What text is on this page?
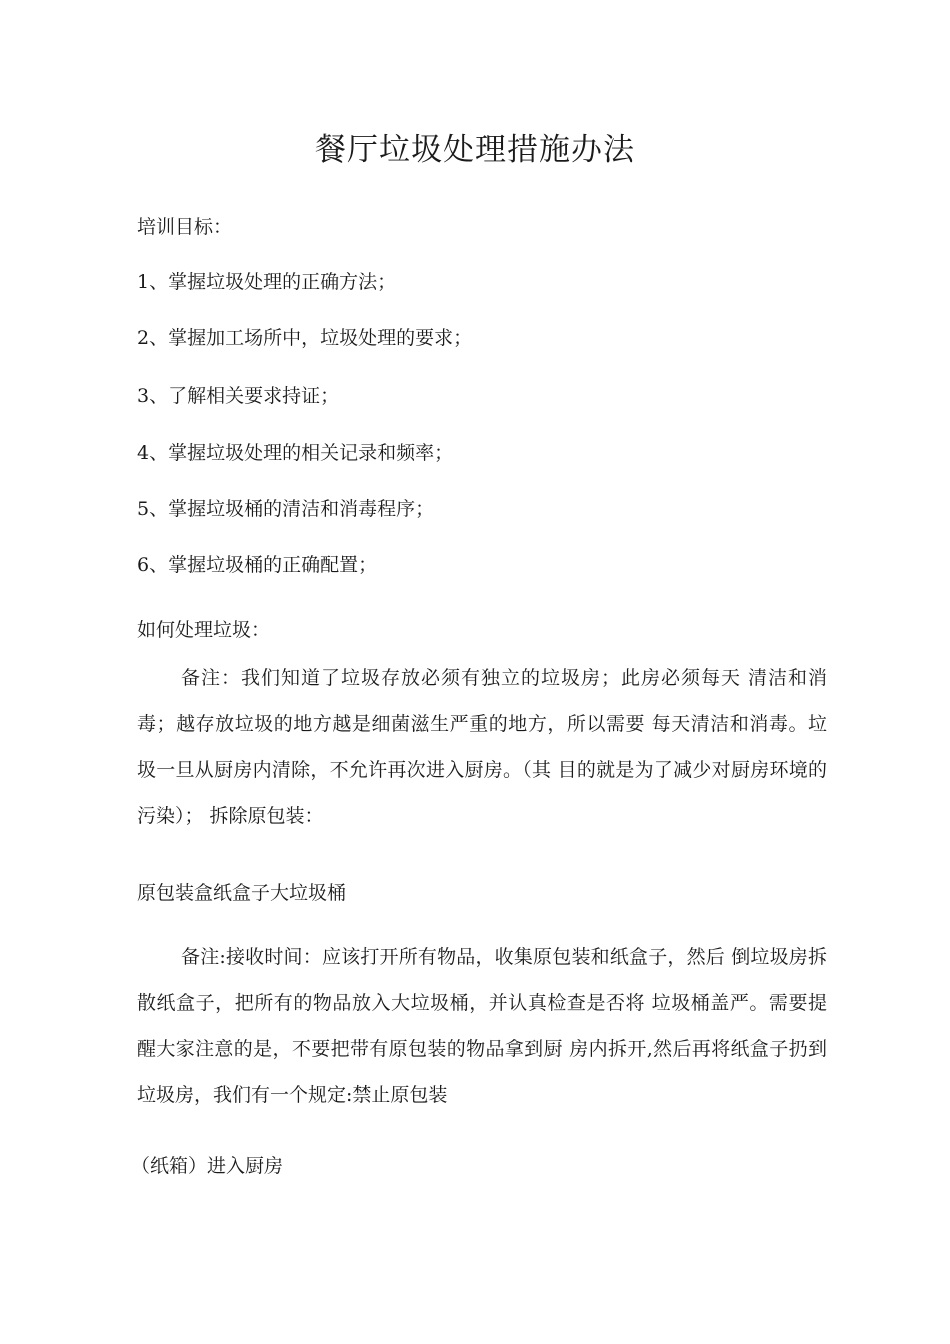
餐厅垃圾处理措施办法
培训目标：
1、掌握垃圾处理的正确方法；
2、掌握加工场所中，垃圾处理的要求；
3、了解相关要求持证；
4、掌握垃圾处理的相关记录和频率；
5、掌握垃圾桶的清洁和消毒程序；
6、掌握垃圾桶的正确配置；
如何处理垃圾：

备注：我们知道了垃圾存放必须有独立的垃圾房；此房必须每天 清洁和消毒；越存放垃圾的地方越是细菌滋生严重的地方，所以需要 每天清洁和消毒。垃圾一旦从厨房内清除，不允许再次进入厨房。（其 目的就是为了减少对厨房环境的污染）； 拆除原包装：

原包装盒纸盒子大垃圾桶

备注:接收时间：应该打开所有物品，收集原包装和纸盒子，然后 倒垃圾房拆散纸盒子，把所有的物品放入大垃圾桶，并认真检查是否将 垃圾桶盖严。需要提醒大家注意的是，不要把带有原包装的物品拿到厨 房内拆开,然后再将纸盒子扔到垃圾房，我们有一个规定:禁止原包装

（纸箱）进入厨房
